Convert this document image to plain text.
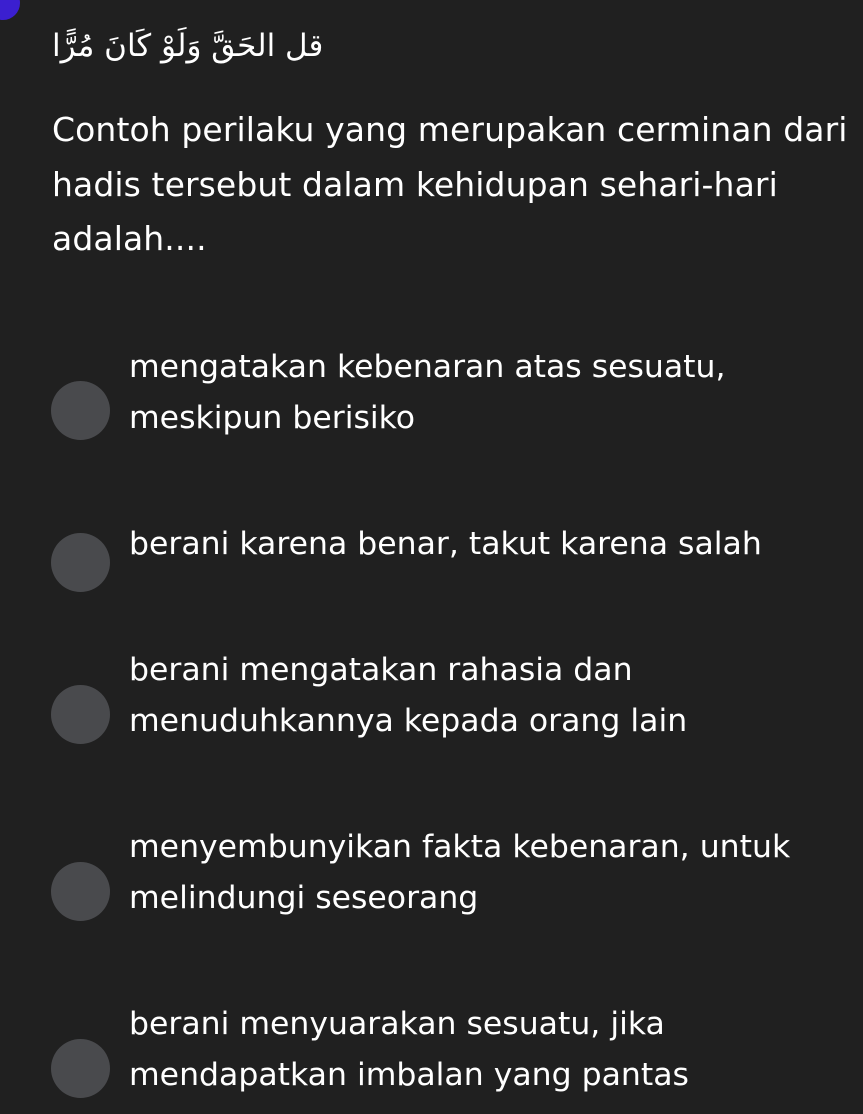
قل الحَقَّ وَلَوْ كَانَ مُرًّا
Contoh perilaku yang merupakan cerminan dari hadis tersebut dalam kehidupan sehari-hari adalah....
mengatakan kebenaran atas sesuatu, meskipun berisiko
berani karena benar, takut karena salah
berani mengatakan rahasia dan menuduhkannya kepada orang lain
menyembunyikan fakta kebenaran, untuk melindungi seseorang
berani menyuarakan sesuatu, jika mendapatkan imbalan yang pantas
